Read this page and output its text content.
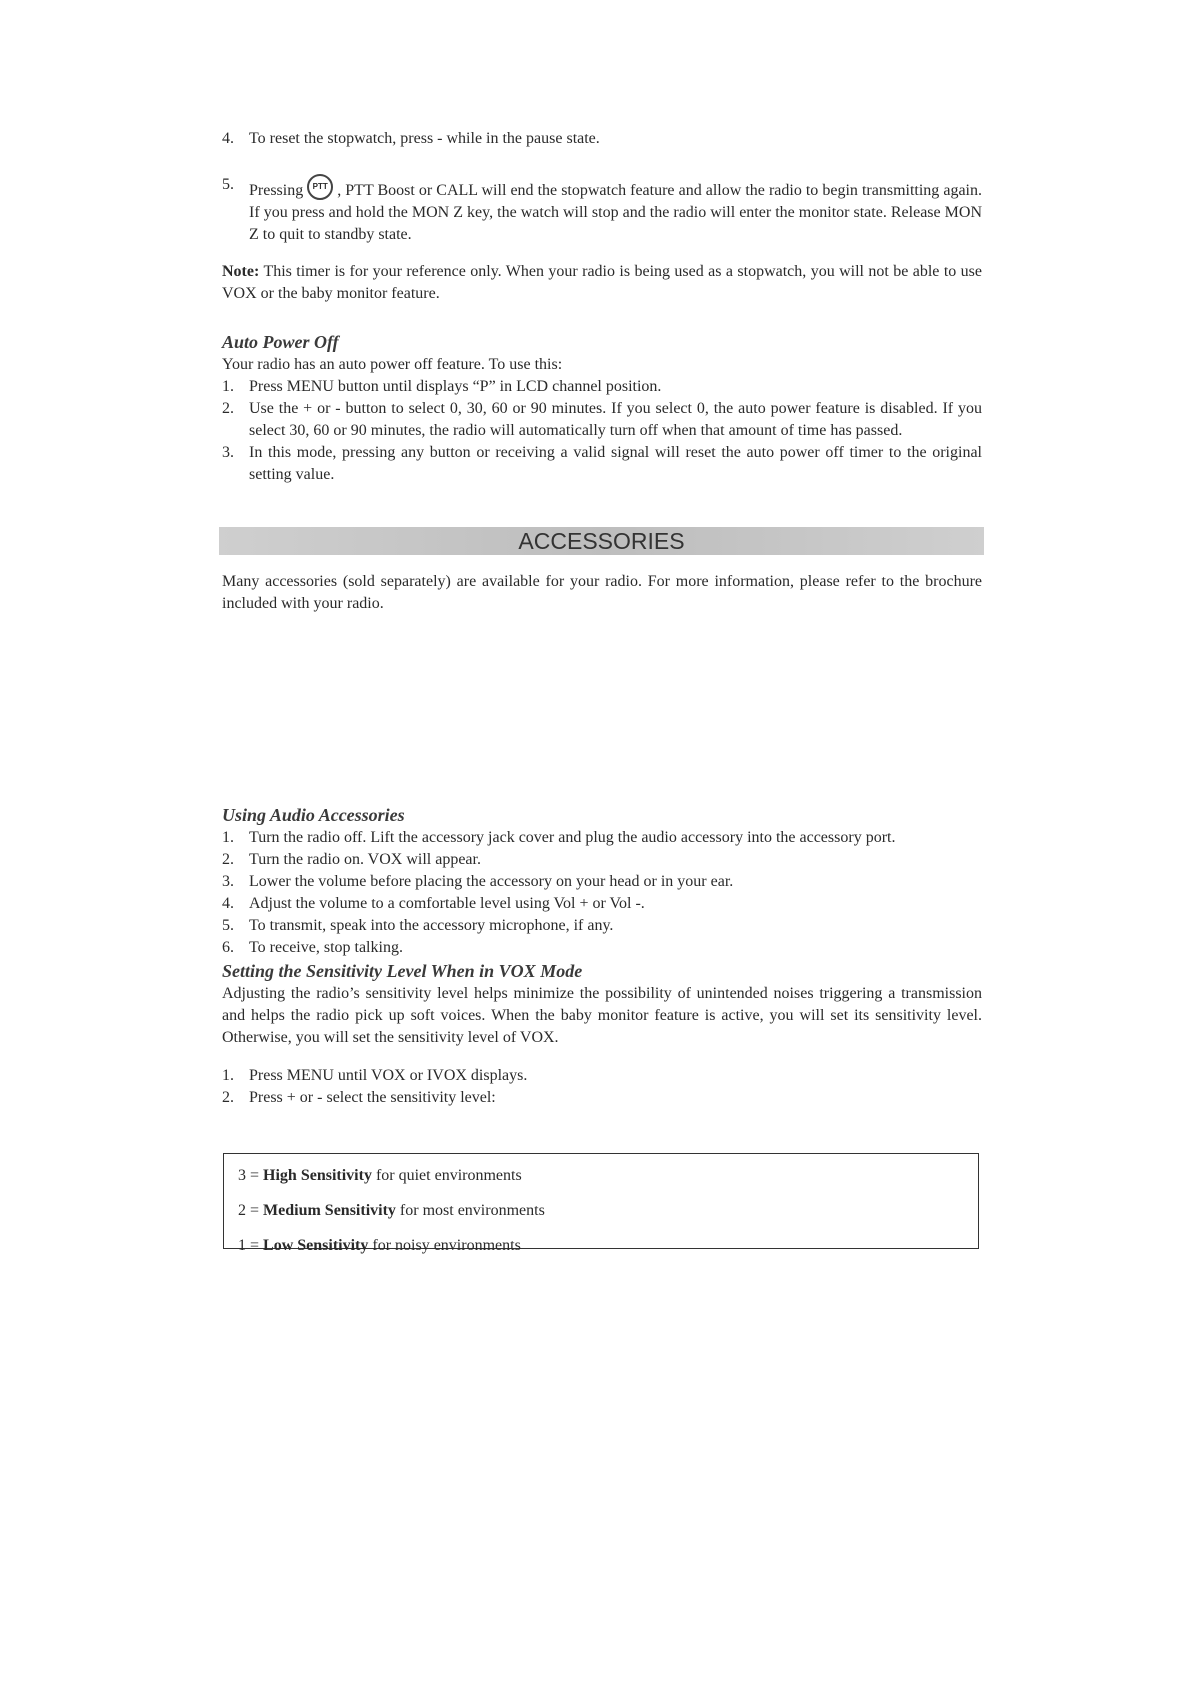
4. To reset the stopwatch, press - while in the pause state.
5. Pressing PTT , PTT Boost or CALL will end the stopwatch feature and allow the radio to begin transmitting again. If you press and hold the MON Z key, the watch will stop and the radio will enter the monitor state. Release MON Z to quit to standby state.
Note: This timer is for your reference only. When your radio is being used as a stopwatch, you will not be able to use VOX or the baby monitor feature.
Auto Power Off

Your radio has an auto power off feature. To use this:

1. Press MENU button until displays “P” in LCD channel position.
2. Use the + or - button to select 0, 30, 60 or 90 minutes. If you select 0, the auto power feature is disabled. If you select 30, 60 or 90 minutes, the radio will automatically turn off when that amount of time has passed.
3. In this mode, pressing any button or receiving a valid signal will reset the auto power off timer to the original setting value.
ACCESSORIES
Many accessories (sold separately) are available for your radio. For more information, please refer to the brochure included with your radio.
Using Audio Accessories
1. Turn the radio off. Lift the accessory jack cover and plug the audio accessory into the accessory port.
2. Turn the radio on. VOX will appear.
3. Lower the volume before placing the accessory on your head or in your ear.
4. Adjust the volume to a comfortable level using Vol + or Vol -.
5. To transmit, speak into the accessory microphone, if any.
6. To receive, stop talking.
Setting the Sensitivity Level When in VOX Mode

Adjusting the radio’s sensitivity level helps minimize the possibility of unintended noises triggering a transmission and helps the radio pick up soft voices. When the baby monitor feature is active, you will set its sensitivity level. Otherwise, you will set the sensitivity level of VOX.

1. Press MENU until VOX or IVOX displays.
2. Press + or - select the sensitivity level:
3 = High Sensitivity for quiet environments
2 = Medium Sensitivity for most environments
1 = Low Sensitivity for noisy environments
